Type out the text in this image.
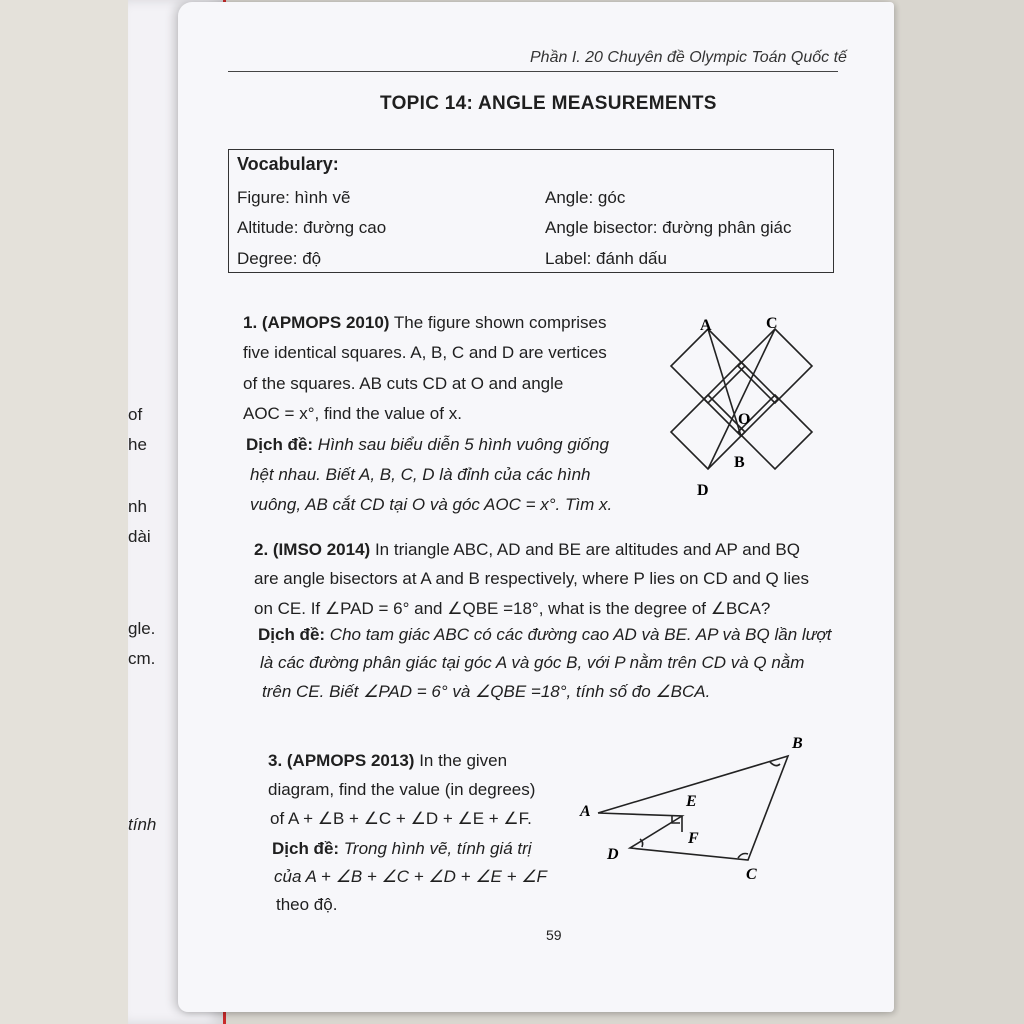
of
he
nh
dài
gle.
cm.
tính
Phần I. 20 Chuyên đề Olympic Toán Quốc tế
TOPIC 14: ANGLE MEASUREMENTS
Vocabulary:
Figure: hình vẽ
Altitude: đường cao
Degree: độ
Angle: góc
Angle bisector: đường phân giác
Label: đánh dấu
1. (APMOPS 2010) The figure shown comprises
five identical squares. A, B, C and D are vertices
of the squares. AB cuts CD at O and angle
AOC = x°, find the value of x.
Dịch đề: Hình sau biểu diễn 5 hình vuông giống
hệt nhau. Biết A, B, C, D là đỉnh của các hình
vuông, AB cắt CD tại O và góc AOC = x°. Tìm x.
A	C
O
B
D
2. (IMSO 2014) In triangle ABC, AD and BE are altitudes and AP and BQ
are angle bisectors at A and B respectively, where P lies on CD and Q lies
on CE. If ∠PAD = 6° and ∠QBE =18°, what is the degree of ∠BCA?
Dịch đề: Cho tam giác ABC có các đường cao AD và BE. AP và BQ lần lượt
là các đường phân giác tại góc A và góc B, với P nằm trên CD và Q nằm
trên CE. Biết ∠PAD = 6° và ∠QBE =18°, tính số đo ∠BCA.
3. (APMOPS 2013) In the given
diagram, find the value (in degrees)
of A + ∠B + ∠C + ∠D + ∠E + ∠F.
Dịch đề: Trong hình vẽ, tính giá trị
của A + ∠B + ∠C + ∠D + ∠E + ∠F
theo độ.
B
A
E
F
D
C
59
